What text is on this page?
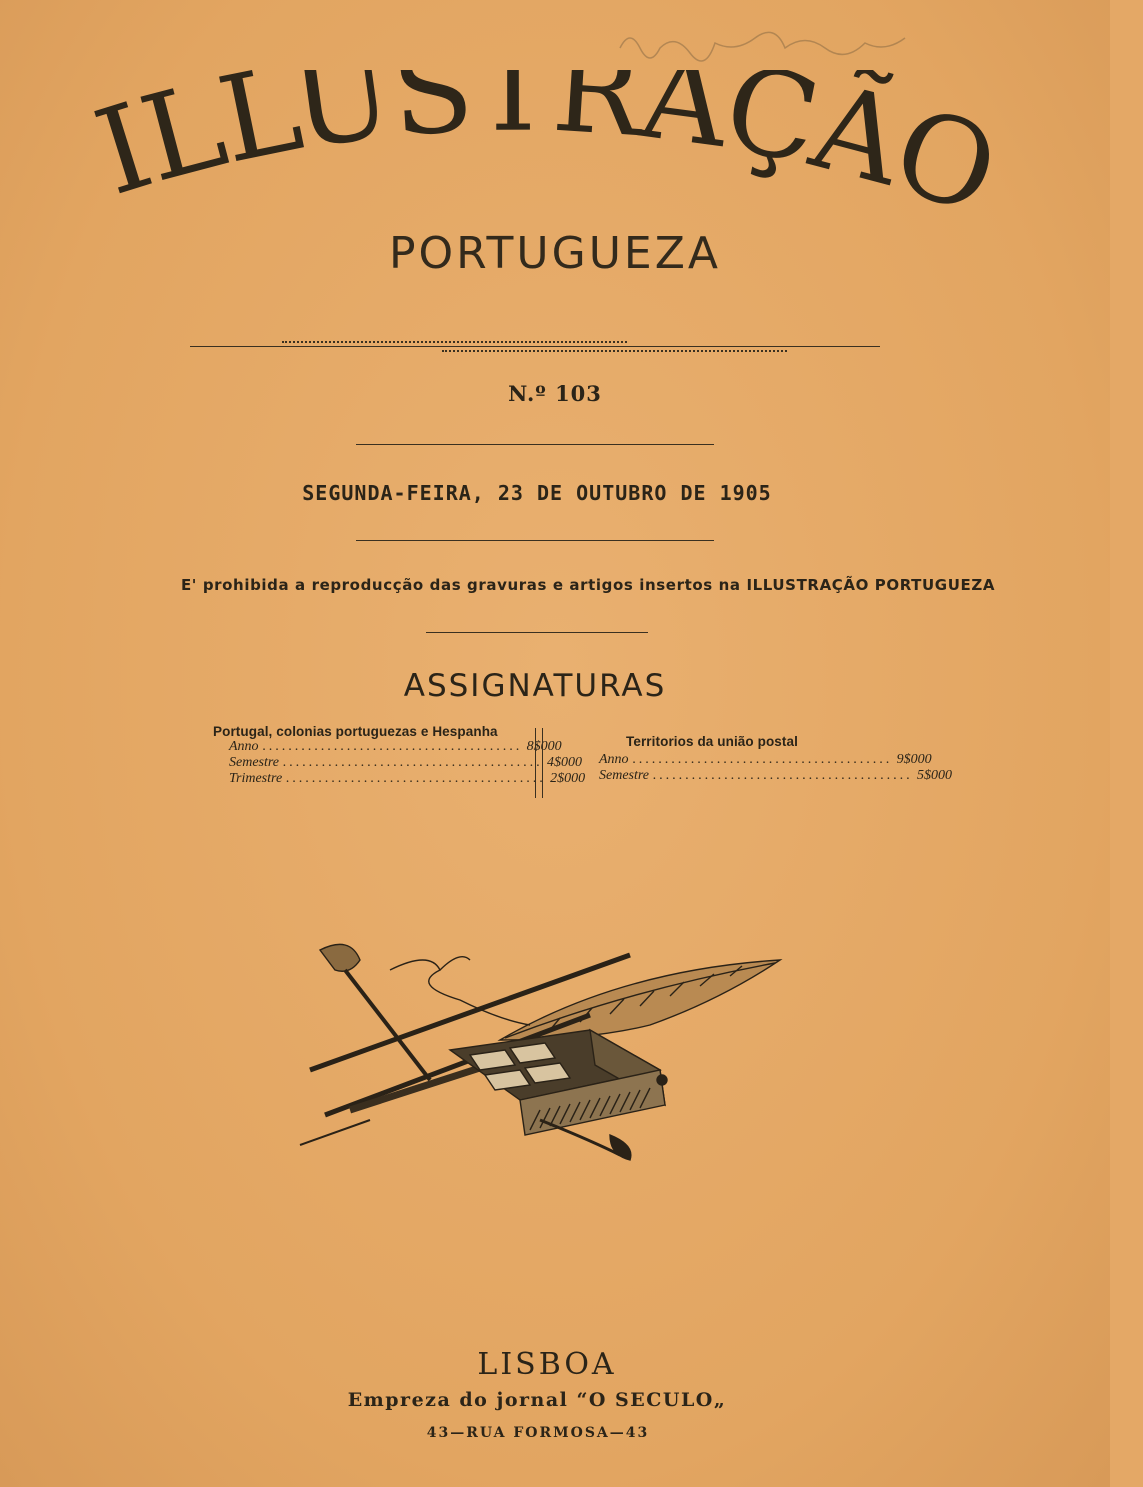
ILLUSTRAÇÃO
PORTUGUEZA
N.º 103
SEGUNDA-FEIRA, 23 DE OUTUBRO DE 1905
E' prohibida a reproducção das gravuras e artigos insertos na ILLUSTRAÇÃO PORTUGUEZA
ASSIGNATURAS
Portugal, colonias portuguezas e Hespanha
Anno ........................................ 8$000
Semestre ........................................ 4$000
Trimestre ........................................ 2$000
Territorios da união postal
Anno ........................................ 9$000
Semestre ........................................ 5$000
LISBOA
Empreza do jornal “O SECULO„
43—RUA FORMOSA—43
